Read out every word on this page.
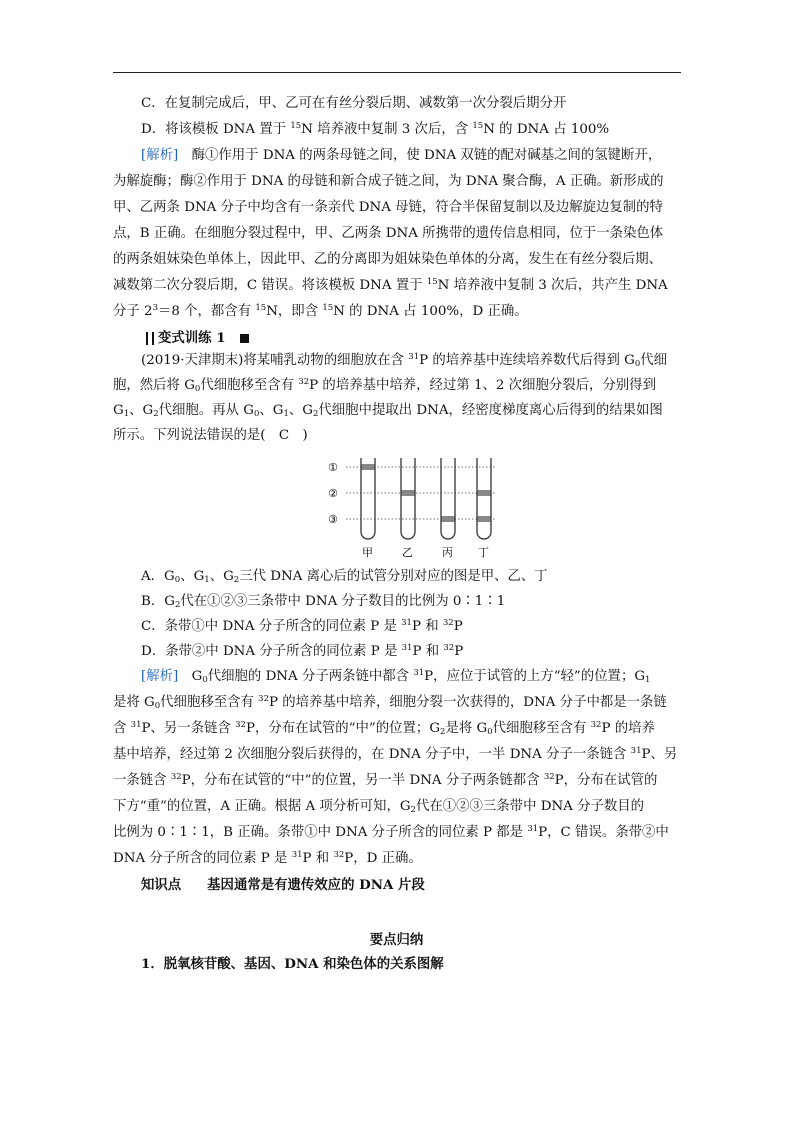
C．在复制完成后，甲、乙可在有丝分裂后期、减数第一次分裂后期分开
D．将该模板 DNA 置于 $^{15}$N 培养液中复制 3 次后，含 $^{15}$N 的 DNA 占 100%
[解析]　酶①作用于 DNA 的两条母链之间，使 DNA 双链的配对碱基之间的氢键断开，
为解旋酶；酶②作用于 DNA 的母链和新合成子链之间，为 DNA 聚合酶，A 正确。新形成的
甲、乙两条 DNA 分子中均含有一条亲代 DNA 母链，符合半保留复制以及边解旋边复制的特
点，B 正确。在细胞分裂过程中，甲、乙两条 DNA 所携带的遗传信息相同，位于一条染色体
的两条姐妹染色单体上，因此甲、乙的分离即为姐妹染色单体的分离，发生在有丝分裂后期、
减数第二次分裂后期，C 错误。将该模板 DNA 置于 $^{15}$N 培养液中复制 3 次后，共产生 DNA
分子 $2^3=8$ 个，都含有 $^{15}$N，即含 $^{15}$N 的 DNA 占 100%，D 正确。
变式训练 1
(2019·天津期末)将某哺乳动物的细胞放在含 $^{31}$P 的培养基中连续培养数代后得到 $G_0$代细
胞，然后将 $G_0$代细胞移至含有 $^{32}$P 的培养基中培养，经过第 1、2 次细胞分裂后，分别得到
$G_1$、$G_2$代细胞。再从 $G_0$、$G_1$、$G_2$代细胞中提取出 DNA，经密度梯度离心后得到的结果如图
所示。下列说法错误的是(　C　)
①
②
③
甲	乙	丙 丁
A．$G_0$、$G_1$、$G_2$三代 DNA 离心后的试管分别对应的图是甲、乙、丁
B．$G_2$代在①②③三条带中 DNA 分子数目的比例为 0∶1∶1
C．条带①中 DNA 分子所含的同位素 P 是 $^{31}$P 和 $^{32}$P
D．条带②中 DNA 分子所含的同位素 P 是 $^{31}$P 和 $^{32}$P
[解析]　$G_0$代细胞的 DNA 分子两条链中都含 $^{31}$P，应位于试管的上方“轻”的位置；$G_1$
是将 $G_0$代细胞移至含有 $^{32}$P 的培养基中培养，细胞分裂一次获得的，DNA 分子中都是一条链
含 $^{31}$P、另一条链含 $^{32}$P，分布在试管的“中”的位置；$G_2$是将 $G_0$代细胞移至含有 $^{32}$P 的培养
基中培养，经过第 2 次细胞分裂后获得的，在 DNA 分子中，一半 DNA 分子一条链含 $^{31}$P、另
一条链含 $^{32}$P，分布在试管的“中”的位置，另一半 DNA 分子两条链都含 $^{32}$P，分布在试管的
下方“重”的位置，A 正确。根据 A 项分析可知，$G_2$代在①②③三条带中 DNA 分子数目的
比例为 0∶1∶1，B 正确。条带①中 DNA 分子所含的同位素 P 都是 $^{31}$P，C 错误。条带②中
DNA 分子所含的同位素 P 是 $^{31}$P 和 $^{32}$P，D 正确。
知识点 基因通常是有遗传效应的 DNA 片段
要点归纳
1．脱氧核苷酸、基因、DNA 和染色体的关系图解
